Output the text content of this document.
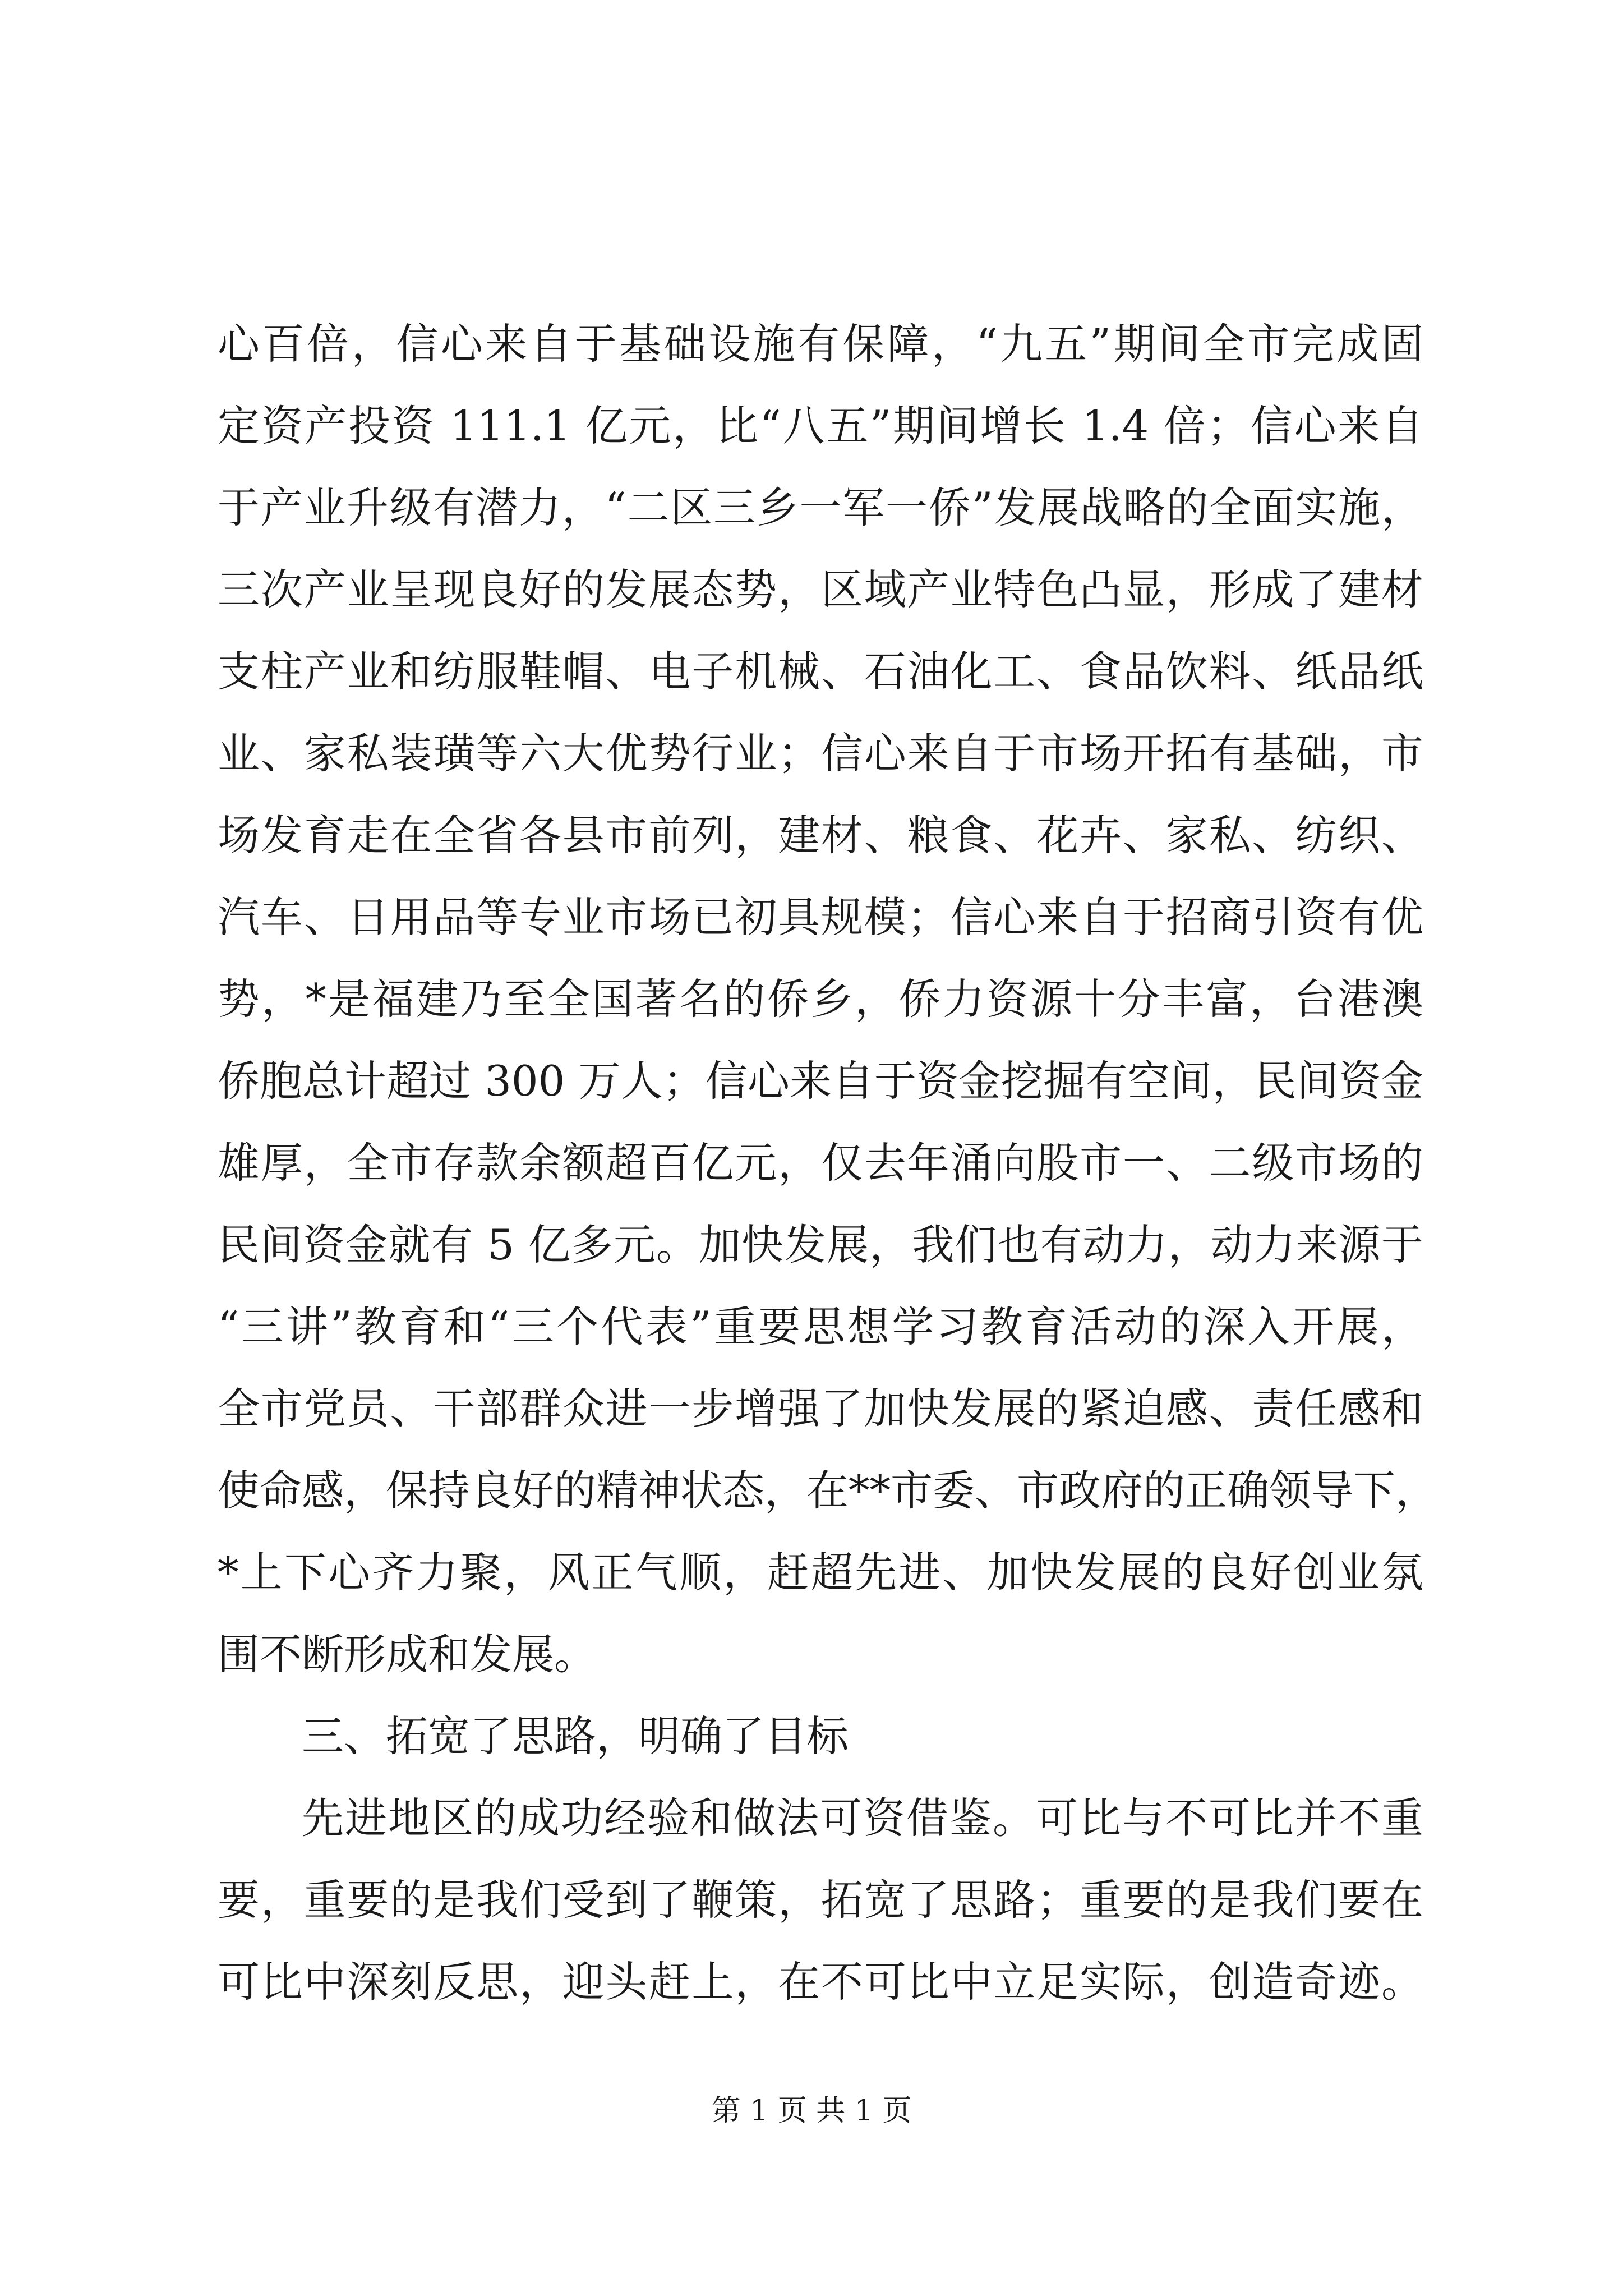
心百倍，信心来自于基础设施有保障，“九五”期间全市完成固
定资产投资 111.1 亿元，比“八五”期间增长 1.4 倍；信心来自
于产业升级有潜力，“二区三乡一军一侨”发展战略的全面实施，
三次产业呈现良好的发展态势，区域产业特色凸显，形成了建材
支柱产业和纺服鞋帽、电子机械、石油化工、食品饮料、纸品纸
业、家私装璜等六大优势行业；信心来自于市场开拓有基础，市
场发育走在全省各县市前列，建材、粮食、花卉、家私、纺织、
汽车、日用品等专业市场已初具规模；信心来自于招商引资有优
势，*是福建乃至全国著名的侨乡，侨力资源十分丰富，台港澳
侨胞总计超过 300 万人；信心来自于资金挖掘有空间，民间资金
雄厚，全市存款余额超百亿元，仅去年涌向股市一、二级市场的
民间资金就有 5 亿多元。加快发展，我们也有动力，动力来源于
“三讲”教育和“三个代表”重要思想学习教育活动的深入开展，
全市党员、干部群众进一步增强了加快发展的紧迫感、责任感和
使命感，保持良好的精神状态，在**市委、市政府的正确领导下，
*上下心齐力聚，风正气顺，赶超先进、加快发展的良好创业氛
围不断形成和发展。
三、拓宽了思路，明确了目标
先进地区的成功经验和做法可资借鉴。可比与不可比并不重
要，重要的是我们受到了鞭策，拓宽了思路；重要的是我们要在
可比中深刻反思，迎头赶上，在不可比中立足实际，创造奇迹。
第 1 页 共 1 页
